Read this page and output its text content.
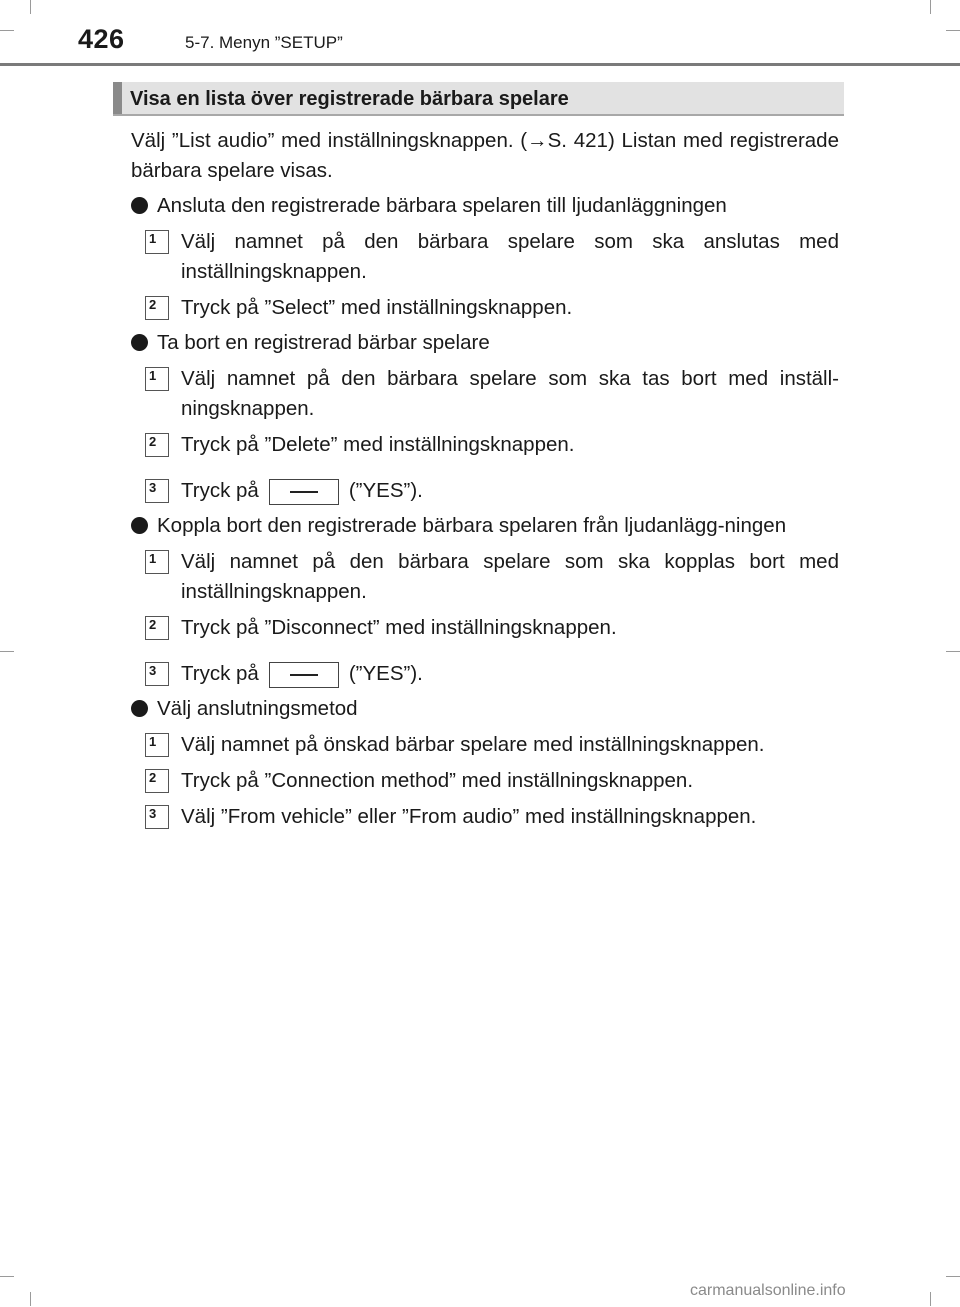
426	5-7. Menyn ”SETUP”
Visa en lista över registrerade bärbara spelare

Välj ”List audio” med inställningsknappen. (→S. 421) Listan med registrerade bärbara spelare visas.

Ansluta den registrerade bärbara spelaren till ljudanläggningen
1	Välj namnet på den bärbara spelare som ska anslutas med inställningsknappen.
2	Tryck på ”Select” med inställningsknappen.
Ta bort en registrerad bärbar spelare
1	Välj namnet på den bärbara spelare som ska tas bort med inställ-ningsknappen.
2	Tryck på ”Delete” med inställningsknappen.
3	Tryck på	(”YES”).
Koppla bort den registrerade bärbara spelaren från ljudanlägg-ningen
1	Välj namnet på den bärbara spelare som ska kopplas bort med inställningsknappen.
2	Tryck på ”Disconnect” med inställningsknappen.
3	Tryck på	(”YES”).
Välj anslutningsmetod
1	Välj namnet på önskad bärbar spelare med inställningsknappen.
2	Tryck på ”Connection method” med inställningsknappen.
3	Välj ”From vehicle” eller ”From audio” med inställningsknappen.
carmanualsonline.info
